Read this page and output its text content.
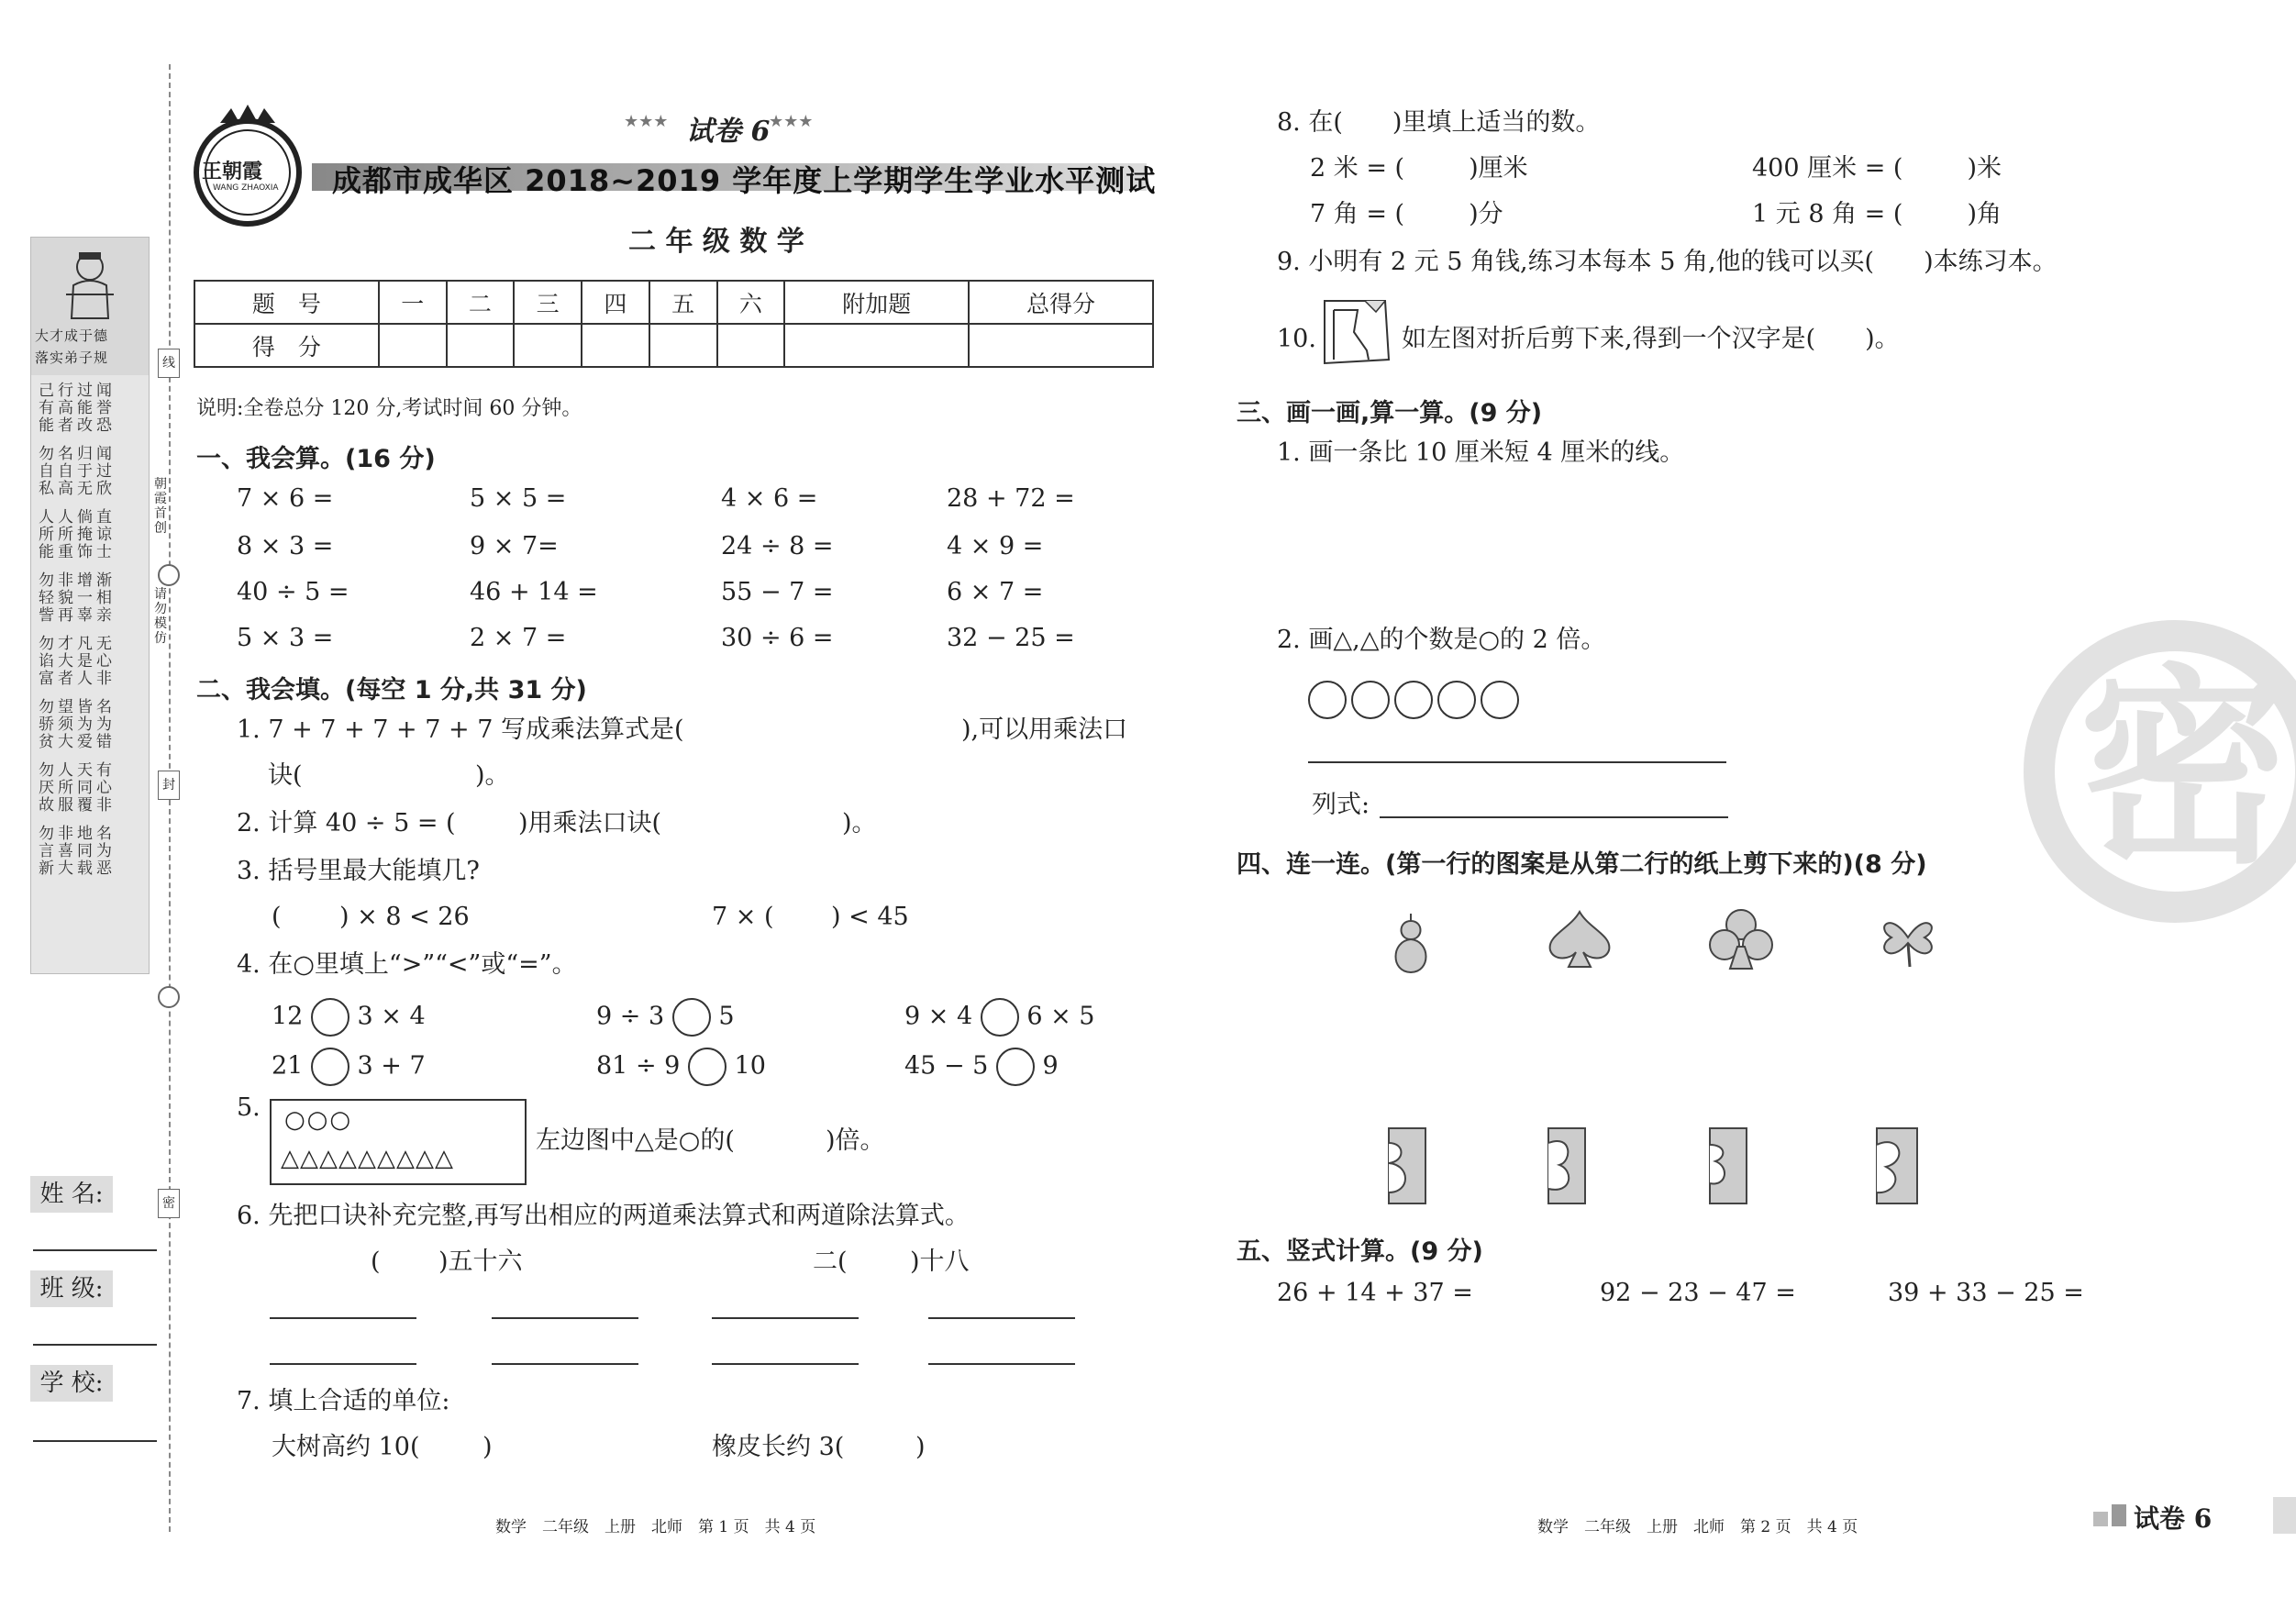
大才成于德
落实弟子规
己行过闻
有高能誉
能者改恐
勿名归闻
自自于过
私高无欣
人人倘直
所所掩谅
能重饰士
勿非增渐
轻貌一相
訾再辜亲
勿才凡无
谄大是心
富者人非
勿望皆名
骄须为为
贫大爱错
勿人天有
厌所同心
故服覆非
勿非地名
言喜同为
新大载恶
姓 名:
班 级:
学 校:
线
朝霞首创
请勿模仿
封
密
王朝霞
WANG ZHAOXIA
★★★ 试卷 6
★★★
成都市成华区 2018~2019 学年度上学期学生学业水平测试
二 年 级 数 学
题　号	一	二	三	四	五	六	附加题	总得分
得　分								
说明:全卷总分 120 分,考试时间 60 分钟。
一、我会算。(16 分)
7 × 6 =	5 × 5 =	4 × 6 =	28 + 72 =
8 × 3 =	9 × 7=	24 ÷ 8 =	4 × 9 =
40 ÷ 5 =	46 + 14 =	55 − 7 =	6 × 7 =
5 × 3 =	2 × 7 =	30 ÷ 6 =	32 − 25 =
二、我会填。(每空 1 分,共 31 分)
1. 7 + 7 + 7 + 7 + 7 写成乘法算式是(	),可以用乘法口
诀(	)。
2. 计算 40 ÷ 5 = (	)用乘法口诀(	)。
3. 括号里最大能填几?
( ) × 8 < 26	7 × ( ) < 45
4. 在○里填上“>”“<”或“=”。
12 3 × 4	9 ÷ 3 5	9 × 4 6 × 5
21 3 + 7	81 ÷ 9 10	45 − 5 9
5. ○○○
△△△△△△△△△
左边图中△是○的(	)倍。
6. 先把口诀补充完整,再写出相应的两道乘法算式和两道除法算式。
( )五十六	二(	)十八
7. 填上合适的单位:
大树高约 10(	)	橡皮长约 3(	)
数学　二年级　上册　北师　第 1 页　共 4 页
8. 在(　　)里填上适当的数。
2 米 = (	)厘米	400 厘米 = (	)米
7 角 = (	)分	1 元 8 角 = (	)角
9. 小明有 2 元 5 角钱,练习本每本 5 角,他的钱可以买(　　)本练习本。
10.	如左图对折后剪下来,得到一个汉字是(　　)。
三、画一画,算一算。(9 分)
1. 画一条比 10 厘米短 4 厘米的线。
2. 画△,△的个数是○的 2 倍。

列式:
四、连一连。(第一行的图案是从第二行的纸上剪下来的)(8 分)
五、竖式计算。(9 分)
26 + 14 + 37 =	92 − 23 − 47 =	39 + 33 − 25 =
数学　二年级　上册　北师　第 2 页　共 4 页	试卷 6
密
